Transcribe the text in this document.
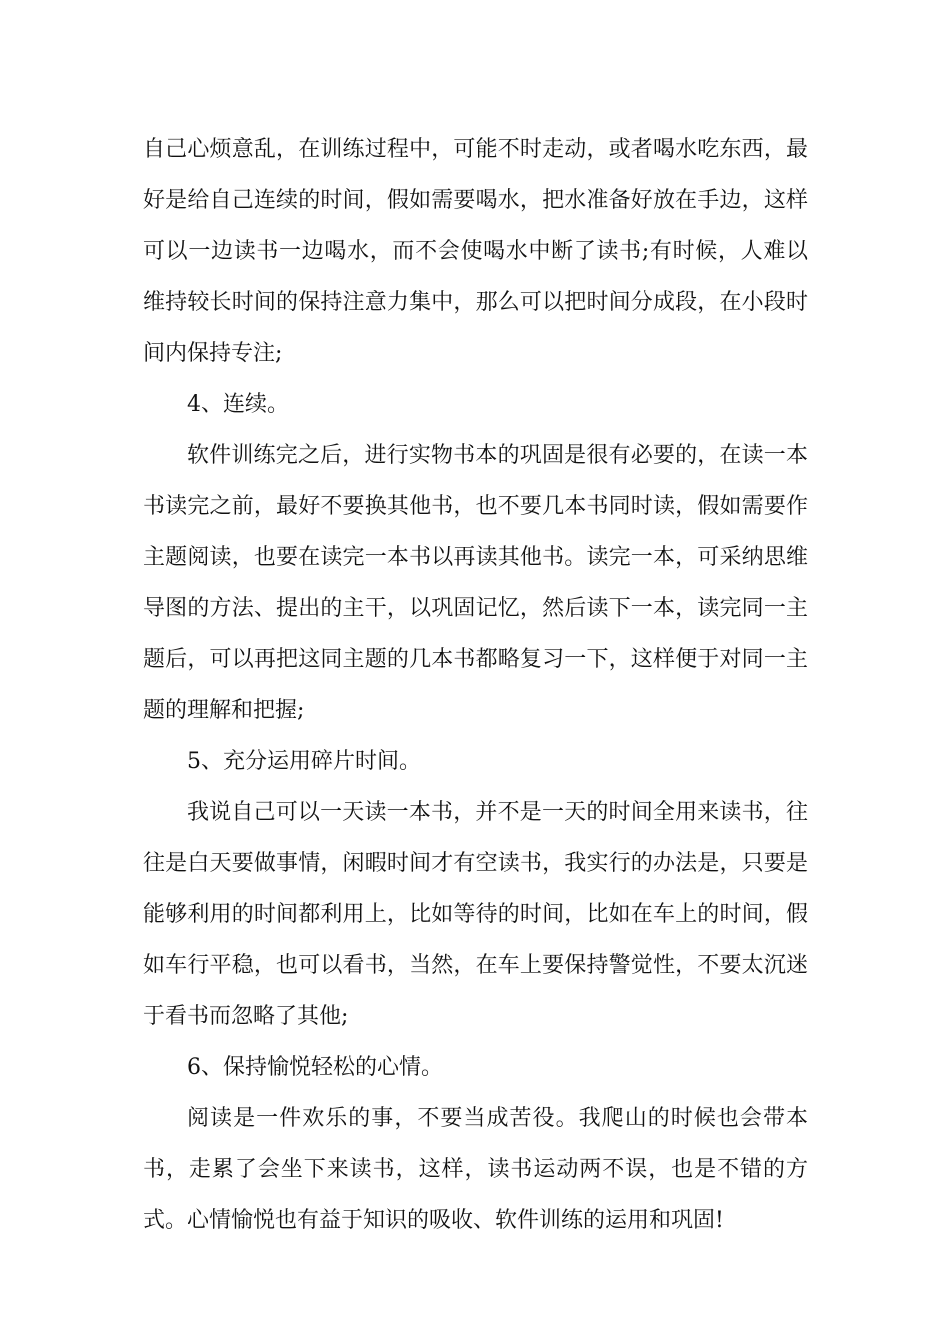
自己心烦意乱，在训练过程中，可能不时走动，或者喝水吃东西，最好是给自己连续的时间，假如需要喝水，把水准备好放在手边，这样可以一边读书一边喝水，而不会使喝水中断了读书;有时候，人难以维持较长时间的保持注意力集中，那么可以把时间分成段，在小段时间内保持专注;

4、连续。

软件训练完之后，进行实物书本的巩固是很有必要的，在读一本书读完之前，最好不要换其他书，也不要几本书同时读，假如需要作主题阅读，也要在读完一本书以再读其他书。读完一本，可采纳思维导图的方法、提出的主干，以巩固记忆，然后读下一本，读完同一主题后，可以再把这同主题的几本书都略复习一下，这样便于对同一主题的理解和把握;

5、充分运用碎片时间。

我说自己可以一天读一本书，并不是一天的时间全用来读书，往往是白天要做事情，闲暇时间才有空读书，我实行的办法是，只要是能够利用的时间都利用上，比如等待的时间，比如在车上的时间，假如车行平稳，也可以看书，当然，在车上要保持警觉性，不要太沉迷于看书而忽略了其他;

6、保持愉悦轻松的心情。

阅读是一件欢乐的事，不要当成苦役。我爬山的时候也会带本书，走累了会坐下来读书，这样，读书运动两不误，也是不错的方式。心情愉悦也有益于知识的吸收、软件训练的运用和巩固!
